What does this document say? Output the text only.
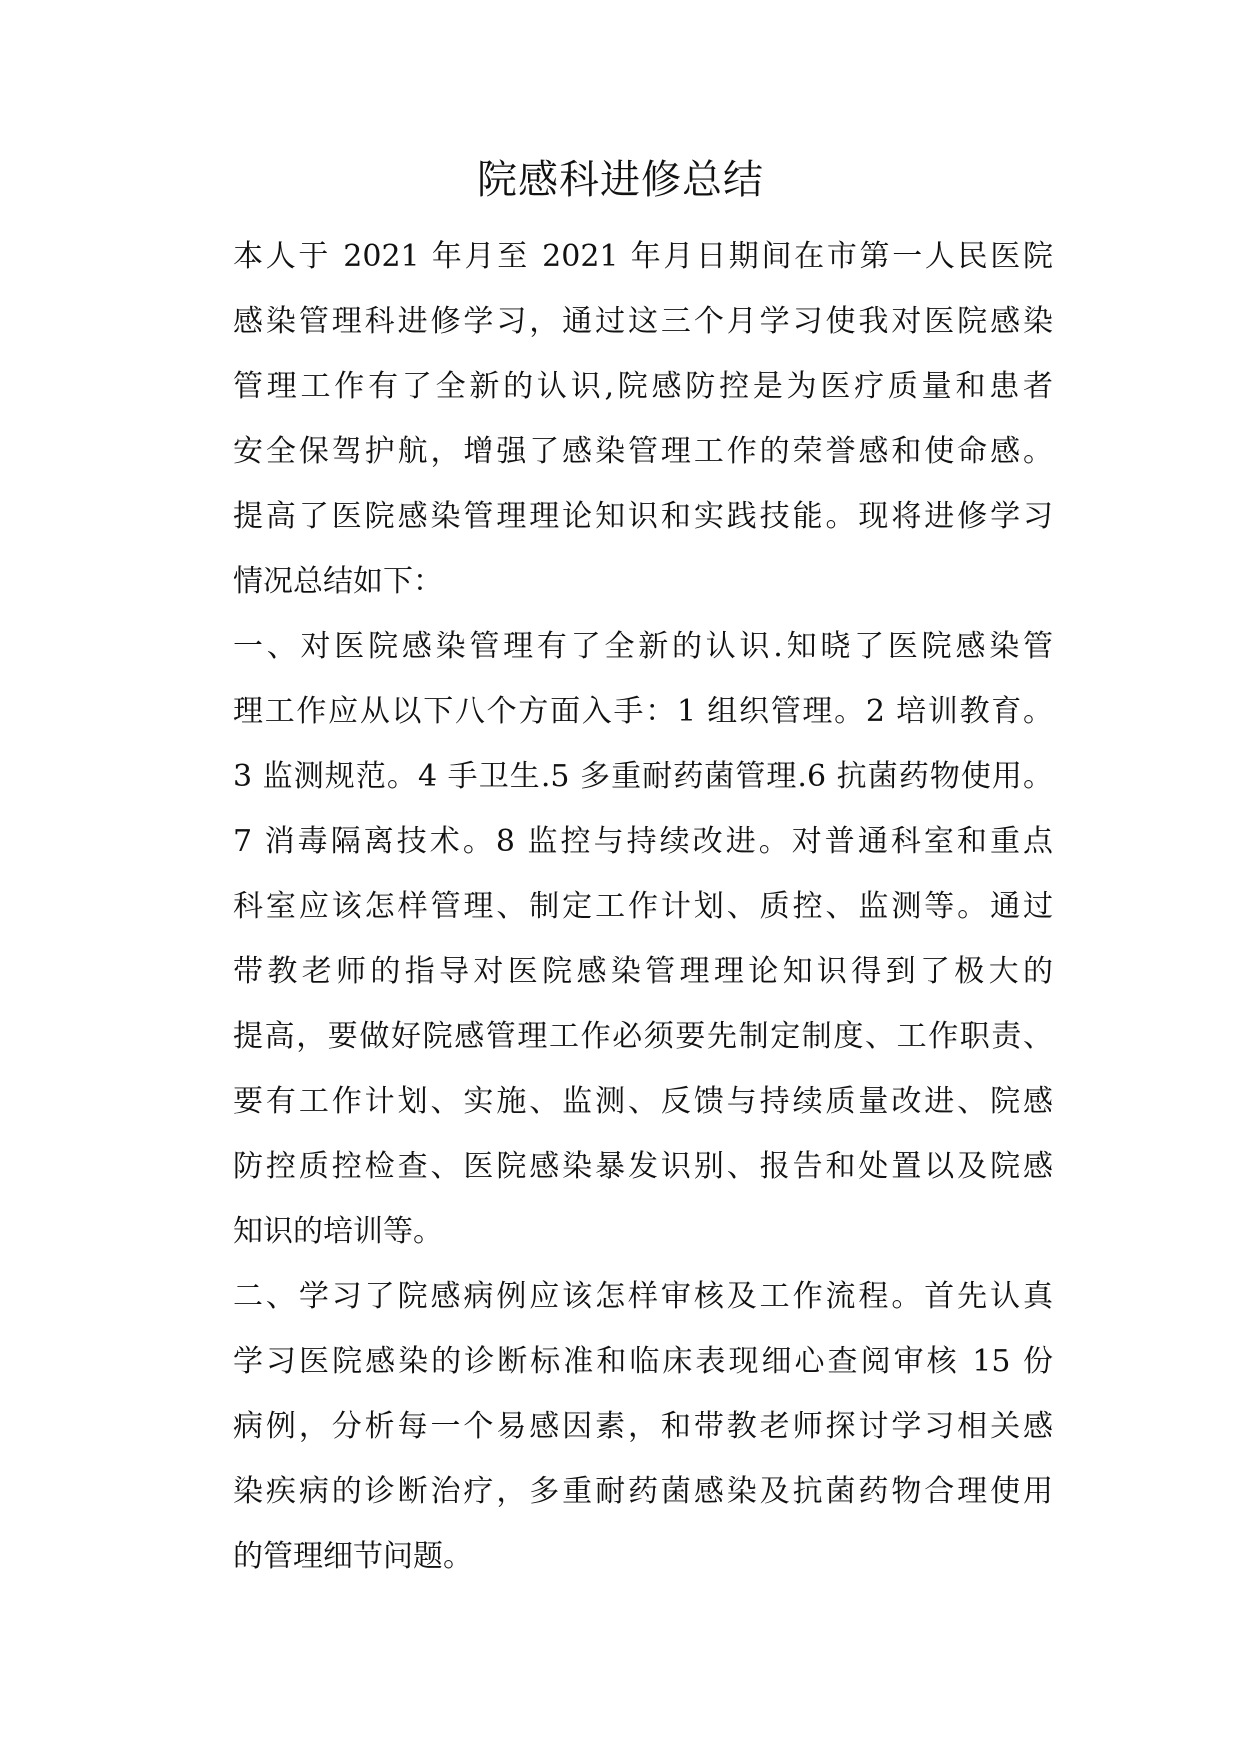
院感科进修总结
本人于 2021 年月至 2021 年月日期间在市第一人民医院
感染管理科进修学习，通过这三个月学习使我对医院感染
管理工作有了全新的认识,院感防控是为医疗质量和患者
安全保驾护航，增强了感染管理工作的荣誉感和使命感。
提高了医院感染管理理论知识和实践技能。现将进修学习
情况总结如下：
一、对医院感染管理有了全新的认识.知晓了医院感染管
理工作应从以下八个方面入手：1 组织管理。2 培训教育。
3 监测规范。4 手卫生.5 多重耐药菌管理.6 抗菌药物使用。
7 消毒隔离技术。8 监控与持续改进。对普通科室和重点
科室应该怎样管理、制定工作计划、质控、监测等。通过
带教老师的指导对医院感染管理理论知识得到了极大的
提高，要做好院感管理工作必须要先制定制度、工作职责、
要有工作计划、实施、监测、反馈与持续质量改进、院感
防控质控检查、医院感染暴发识别、报告和处置以及院感
知识的培训等。
二、学习了院感病例应该怎样审核及工作流程。首先认真
学习医院感染的诊断标准和临床表现细心查阅审核 15 份
病例，分析每一个易感因素，和带教老师探讨学习相关感
染疾病的诊断治疗，多重耐药菌感染及抗菌药物合理使用
的管理细节问题。
